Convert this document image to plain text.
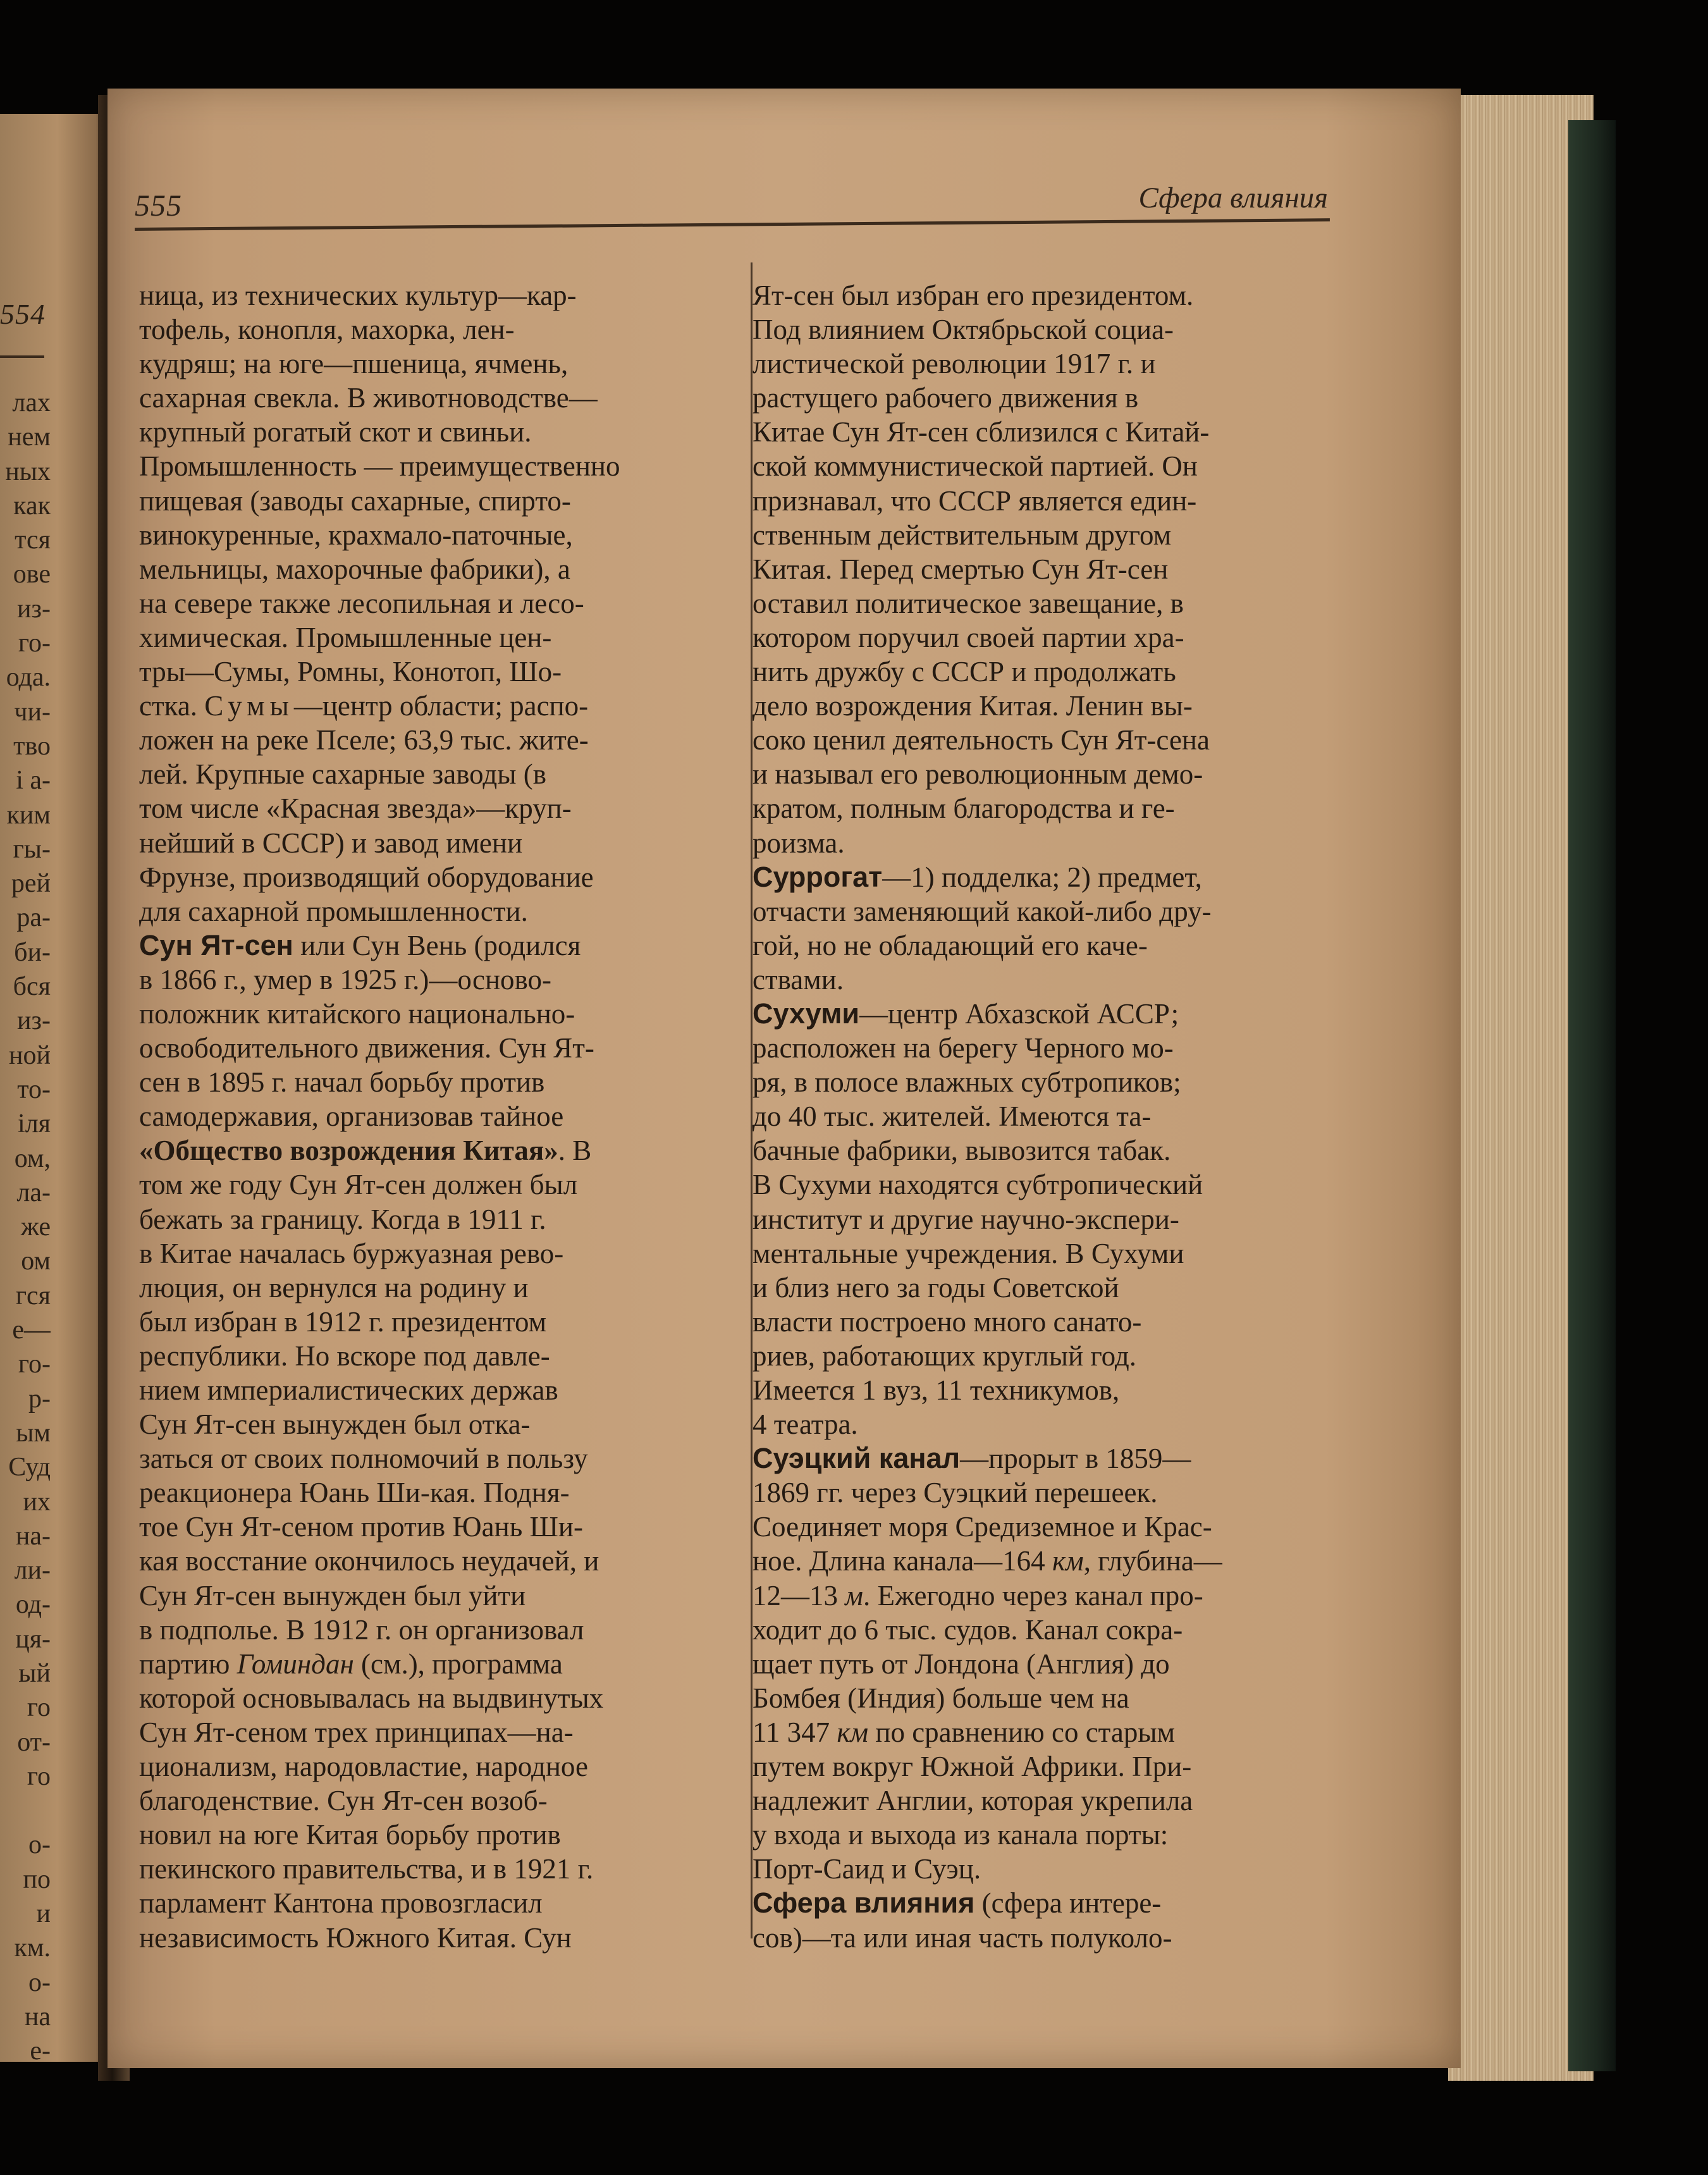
554
лах
нем
ных
как
тся
ове
из-
го-
ода.
чи-
тво
і а-
ким
гы-
рей
ра-
би-
бся
из-
ной
то-
іля
ом,
ла-
же
ом
гся
е—
го-
р-
ым
Суд
их
на-
ли-
од-
ця-
ый
го
от-
го
о-
по
и
км.
о-
на
е-
555	Сфера влияния
ница, из технических культур—кар-
тофель, конопля, махорка, лен-
кудряш; на юге—пшеница, ячмень,
сахарная свекла. В животноводстве—
крупный рогатый скот и свиньи.
Промышленность — преимущественно
пищевая (заводы сахарные, спирто-
винокуренные, крахмало-паточные,
мельницы, махорочные фабрики), а
на севере также лесопильная и лесо-
химическая. Промышленные цен-
тры—Сумы, Ромны, Конотоп, Шо-
стка. Сумы—центр области; распо-
ложен на реке Пселе; 63,9 тыс. жите-
лей. Крупные сахарные заводы (в
том числе «Красная звезда»—круп-
нейший в СССР) и завод имени
Фрунзе, производящий оборудование
для сахарной промышленности.
Сун Ят-сен или Сун Вень (родился
в 1866 г., умер в 1925 г.)—осново-
положник китайского национально-
освободительного движения. Сун Ят-
сен в 1895 г. начал борьбу против
самодержавия, организовав тайное
«Общество возрождения Китая». В
том же году Сун Ят-сен должен был
бежать за границу. Когда в 1911 г.
в Китае началась буржуазная рево-
люция, он вернулся на родину и
был избран в 1912 г. президентом
республики. Но вскоре под давле-
нием империалистических держав
Сун Ят-сен вынужден был отка-
заться от своих полномочий в пользу
реакционера Юань Ши-кая. Подня-
тое Сун Ят-сеном против Юань Ши-
кая восстание окончилось неудачей, и
Сун Ят-сен вынужден был уйти
в подполье. В 1912 г. он организовал
партию Гоминдан (см.), программа
которой основывалась на выдвинутых
Сун Ят-сеном трех принципах—на-
ционализм, народовластие, народное
благоденствие. Сун Ят-сен возоб-
новил на юге Китая борьбу против
пекинского правительства, и в 1921 г.
парламент Кантона провозгласил
независимость Южного Китая. Сун
Ят-сен был избран его президентом.
Под влиянием Октябрьской социа-
листической революции 1917 г. и
растущего рабочего движения в
Китае Сун Ят-сен сблизился с Китай-
ской коммунистической партией. Он
признавал, что СССР является един-
ственным действительным другом
Китая. Перед смертью Сун Ят-сен
оставил политическое завещание, в
котором поручил своей партии хра-
нить дружбу с СССР и продолжать
дело возрождения Китая. Ленин вы-
соко ценил деятельность Сун Ят-сена
и называл его революционным демо-
кратом, полным благородства и ге-
роизма.
Суррогат—1) подделка; 2) предмет,
отчасти заменяющий какой-либо дру-
гой, но не обладающий его каче-
ствами.
Сухуми—центр Абхазской АССР;
расположен на берегу Черного мо-
ря, в полосе влажных субтропиков;
до 40 тыс. жителей. Имеются та-
бачные фабрики, вывозится табак.
В Сухуми находятся субтропический
институт и другие научно-экспери-
ментальные учреждения. В Сухуми
и близ него за годы Советской
власти построено много санато-
риев, работающих круглый год.
Имеется 1 вуз, 11 техникумов,
4 театра.
Суэцкий канал—прорыт в 1859—
1869 гг. через Суэцкий перешеек.
Соединяет моря Средиземное и Крас-
ное. Длина канала—164 км, глубина—
12—13 м. Ежегодно через канал про-
ходит до 6 тыс. судов. Канал сокра-
щает путь от Лондона (Англия) до
Бомбея (Индия) больше чем на
11 347 км по сравнению со старым
путем вокруг Южной Африки. При-
надлежит Англии, которая укрепила
у входа и выхода из канала порты:
Порт-Саид и Суэц.
Сфера влияния (сфера интере-
сов)—та или иная часть полуколо-
